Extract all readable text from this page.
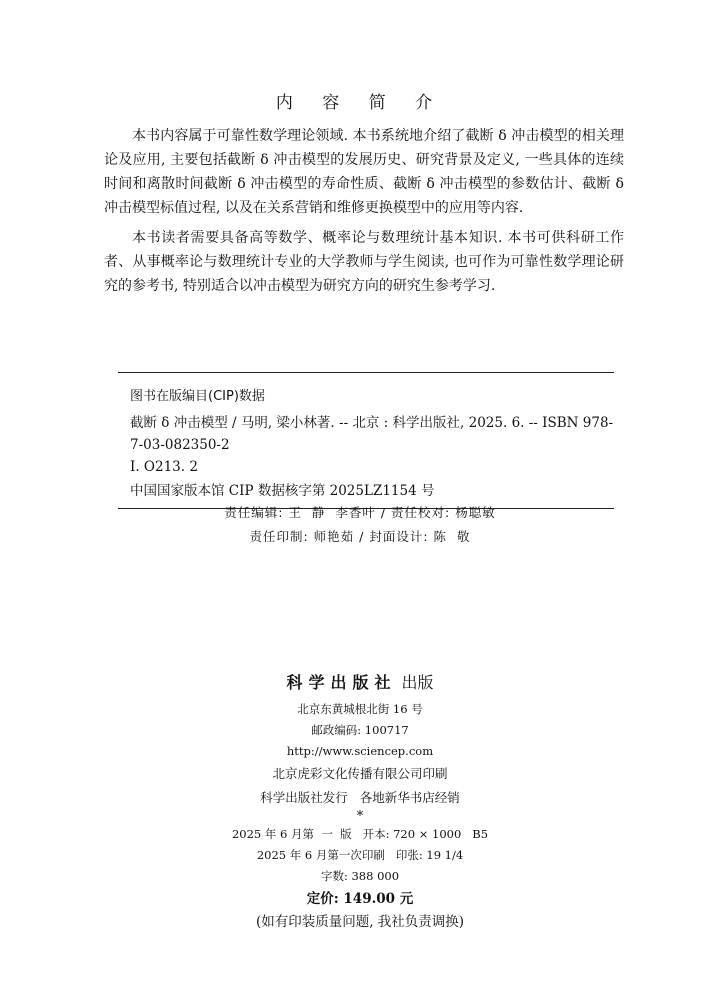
内 容 简 介

本书内容属于可靠性数学理论领域. 本书系统地介绍了截断 δ 冲击模型的相关理论及应用, 主要包括截断 δ 冲击模型的发展历史、研究背景及定义, 一些具体的连续时间和离散时间截断 δ 冲击模型的寿命性质、截断 δ 冲击模型的参数估计、截断 δ 冲击模型标值过程, 以及在关系营销和维修更换模型中的应用等内容.

本书读者需要具备高等数学、概率论与数理统计基本知识. 本书可供科研工作者、从事概率论与数理统计专业的大学教师与学生阅读, 也可作为可靠性数学理论研究的参考书, 特别适合以冲击模型为研究方向的研究生参考学习.

图书在版编目(CIP)数据
截断 δ 冲击模型 / 马明, 梁小林著. -- 北京 : 科学出版社, 2025. 6. -- ISBN 978-7-03-082350-2
Ⅰ. O213. 2
中国国家版本馆 CIP 数据核字第 2025LZ1154 号
责任编辑: 王  静  李香叶 / 责任校对: 杨聪敏
责任印制: 师艳茹 / 封面设计: 陈  敬
科学出版社 出版
北京东黄城根北街 16 号
邮政编码: 100717
http://www.sciencep.com
北京虎彩文化传播有限公司印刷
科学出版社发行   各地新华书店经销
*
2025 年 6 月第  一  版   开本: 720 × 1000   B5
2025 年 6 月第一次印刷   印张: 19 1/4
字数: 388 000
定价: 149.00 元
(如有印装质量问题, 我社负责调换)
